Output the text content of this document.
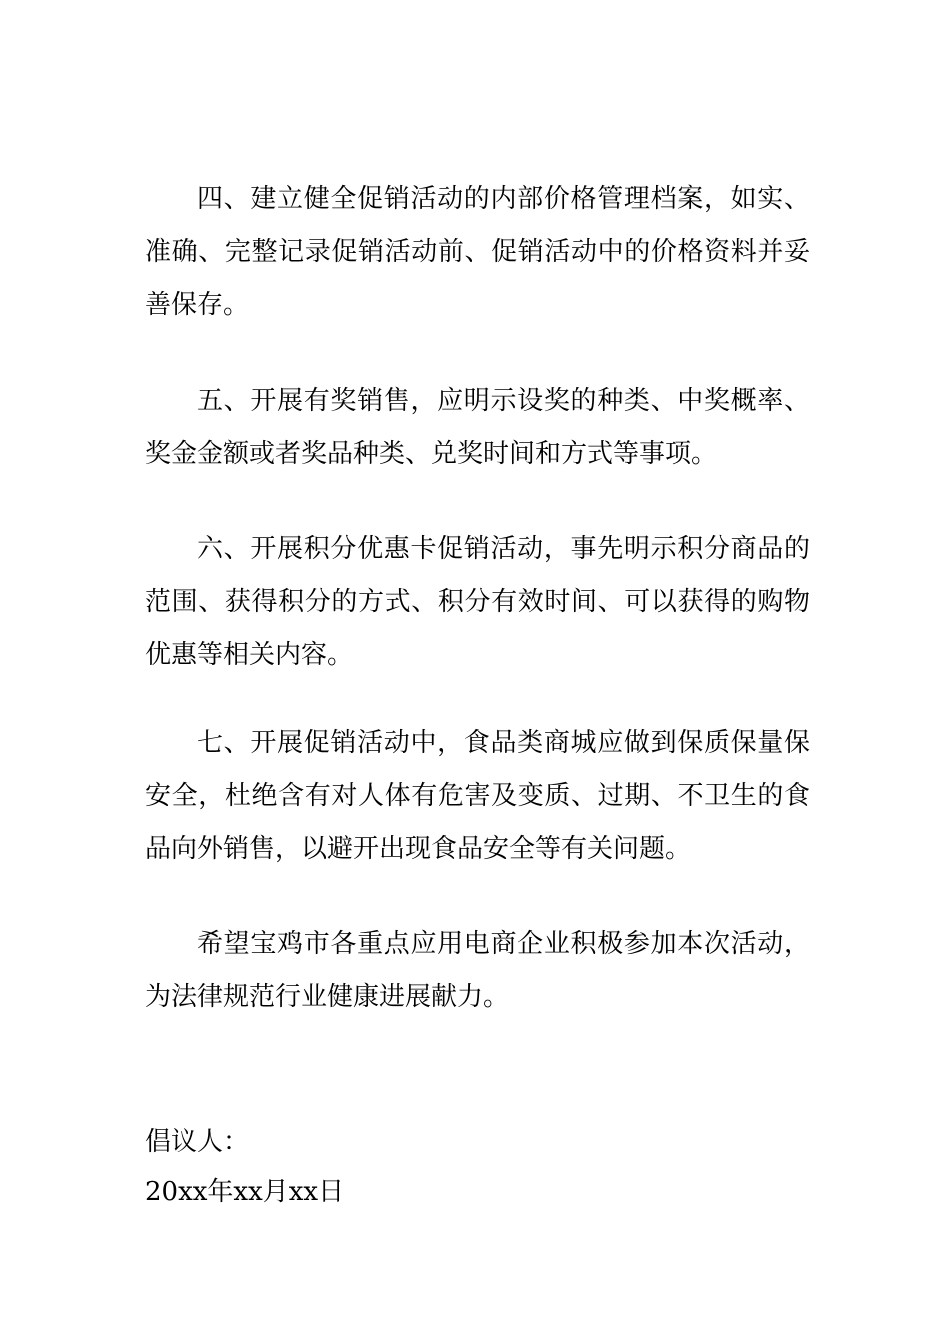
四、建立健全促销活动的内部价格管理档案，如实、准确、完整记录促销活动前、促销活动中的价格资料并妥善保存。

五、开展有奖销售，应明示设奖的种类、中奖概率、奖金金额或者奖品种类、兑奖时间和方式等事项。

六、开展积分优惠卡促销活动，事先明示积分商品的范围、获得积分的方式、积分有效时间、可以获得的购物优惠等相关内容。

七、开展促销活动中，食品类商城应做到保质保量保安全，杜绝含有对人体有危害及变质、过期、不卫生的食品向外销售，以避开出现食品安全等有关问题。

希望宝鸡市各重点应用电商企业积极参加本次活动，为法律规范行业健康进展献力。

倡议人：

20xx年xx月xx日
